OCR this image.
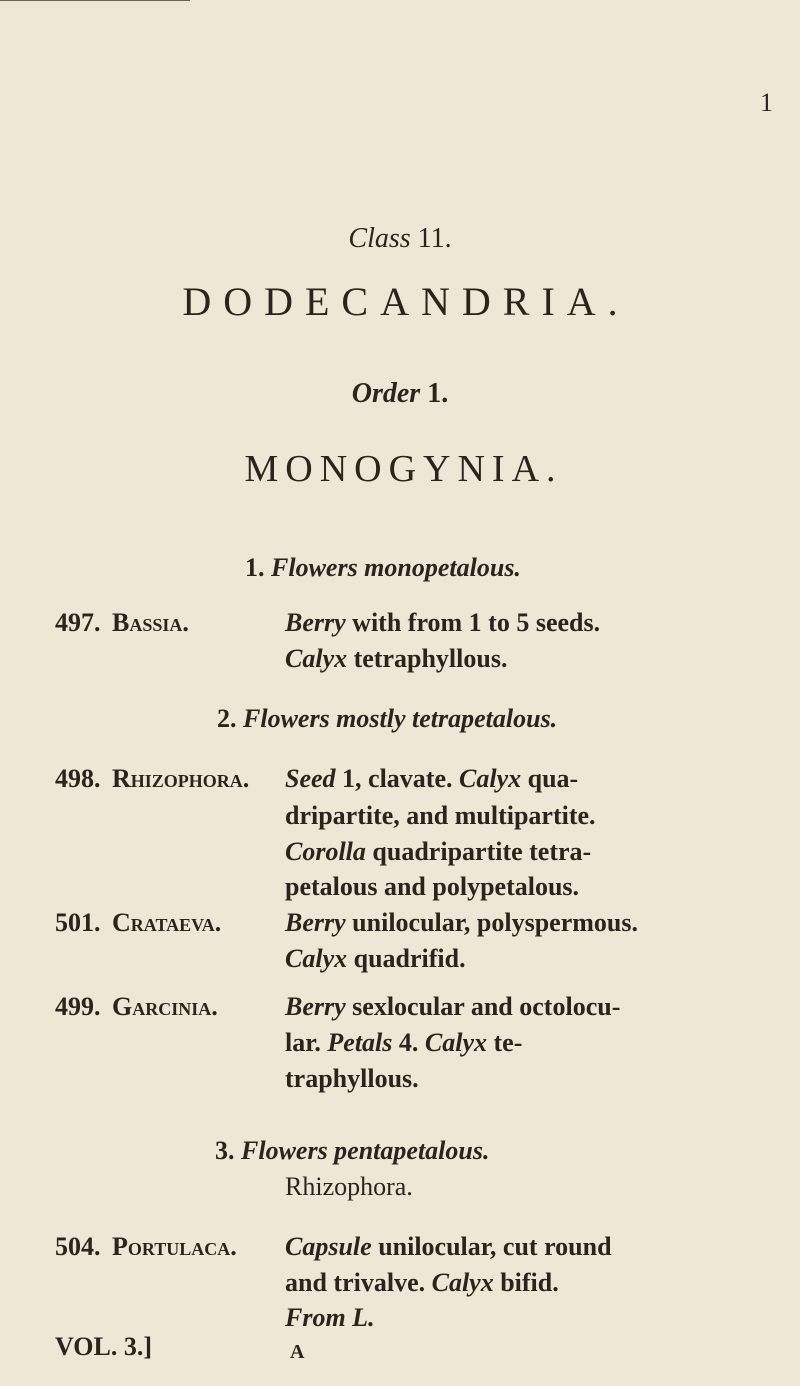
1
Class 11.
DODECANDRIA.
Order 1.
MONOGYNIA.
1. Flowers monopetalous.
497. Bassia.	Berry with from 1 to 5 seeds.
Calyx tetraphyllous.
2. Flowers mostly tetrapetalous.
498. Rhizophora. Seed 1, clavate. Calyx qua-
dripartite, and multipartite.
Corolla quadripartite tetra-
petalous and polypetalous.
501. Crataeva. Berry unilocular, polyspermous.
Calyx quadrifid.
499. Garcinia.	Berry sexlocular and octolocu-
lar. Petals 4. Calyx te-
traphyllous.
3. Flowers pentapetalous.
Rhizophora.
504. Portulaca. Capsule unilocular, cut round
and trivalve. Calyx bifid.
From L.
VOL. 3.]	A
